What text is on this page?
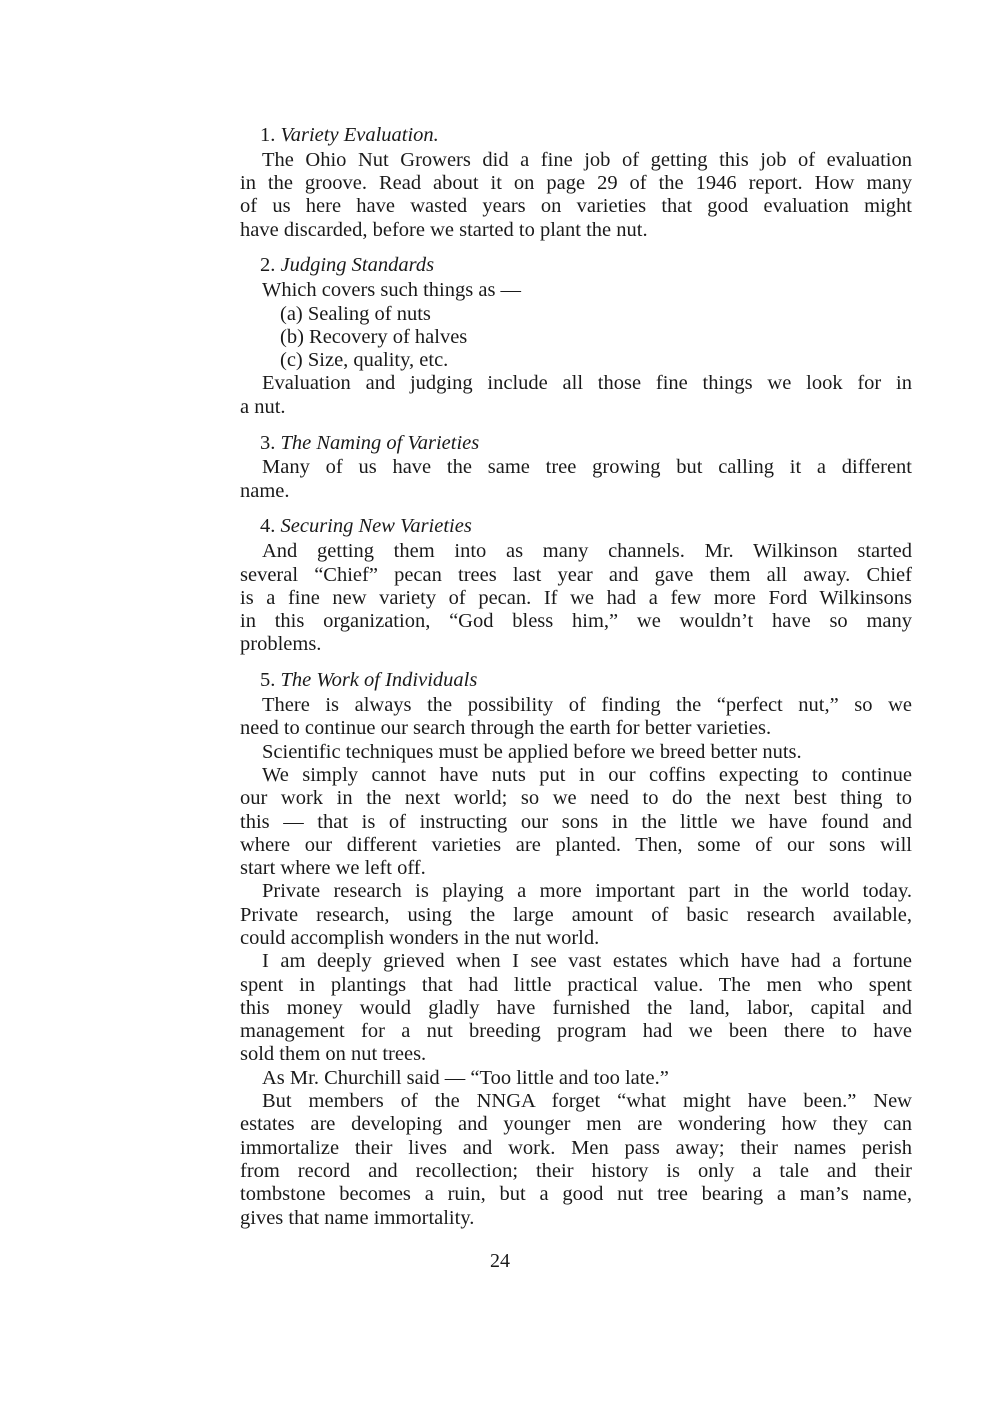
1. Variety Evaluation.
The Ohio Nut Growers did a fine job of getting this job of evaluation
in the groove. Read about it on page 29 of the 1946 report. How many
of us here have wasted years on varieties that good evaluation might
have discarded, before we started to plant the nut.
2. Judging Standards
Which covers such things as —
(a) Sealing of nuts
(b) Recovery of halves
(c) Size, quality, etc.
Evaluation and judging include all those fine things we look for in
a nut.
3. The Naming of Varieties
Many of us have the same tree growing but calling it a different
name.
4. Securing New Varieties
And getting them into as many channels. Mr. Wilkinson started
several “Chief” pecan trees last year and gave them all away. Chief
is a fine new variety of pecan. If we had a few more Ford Wilkinsons
in this organization, “God bless him,” we wouldn’t have so many
problems.
5. The Work of Individuals
There is always the possibility of finding the “perfect nut,” so we
need to continue our search through the earth for better varieties.
Scientific techniques must be applied before we breed better nuts.
We simply cannot have nuts put in our coffins expecting to continue
our work in the next world; so we need to do the next best thing to
this — that is of instructing our sons in the little we have found and
where our different varieties are planted. Then, some of our sons will
start where we left off.
Private research is playing a more important part in the world today.
Private research, using the large amount of basic research available,
could accomplish wonders in the nut world.
I am deeply grieved when I see vast estates which have had a fortune
spent in plantings that had little practical value. The men who spent
this money would gladly have furnished the land, labor, capital and
management for a nut breeding program had we been there to have
sold them on nut trees.
As Mr. Churchill said — “Too little and too late.”
But members of the NNGA forget “what might have been.” New
estates are developing and younger men are wondering how they can
immortalize their lives and work. Men pass away; their names perish
from record and recollection; their history is only a tale and their
tombstone becomes a ruin, but a good nut tree bearing a man’s name,
gives that name immortality.
24
